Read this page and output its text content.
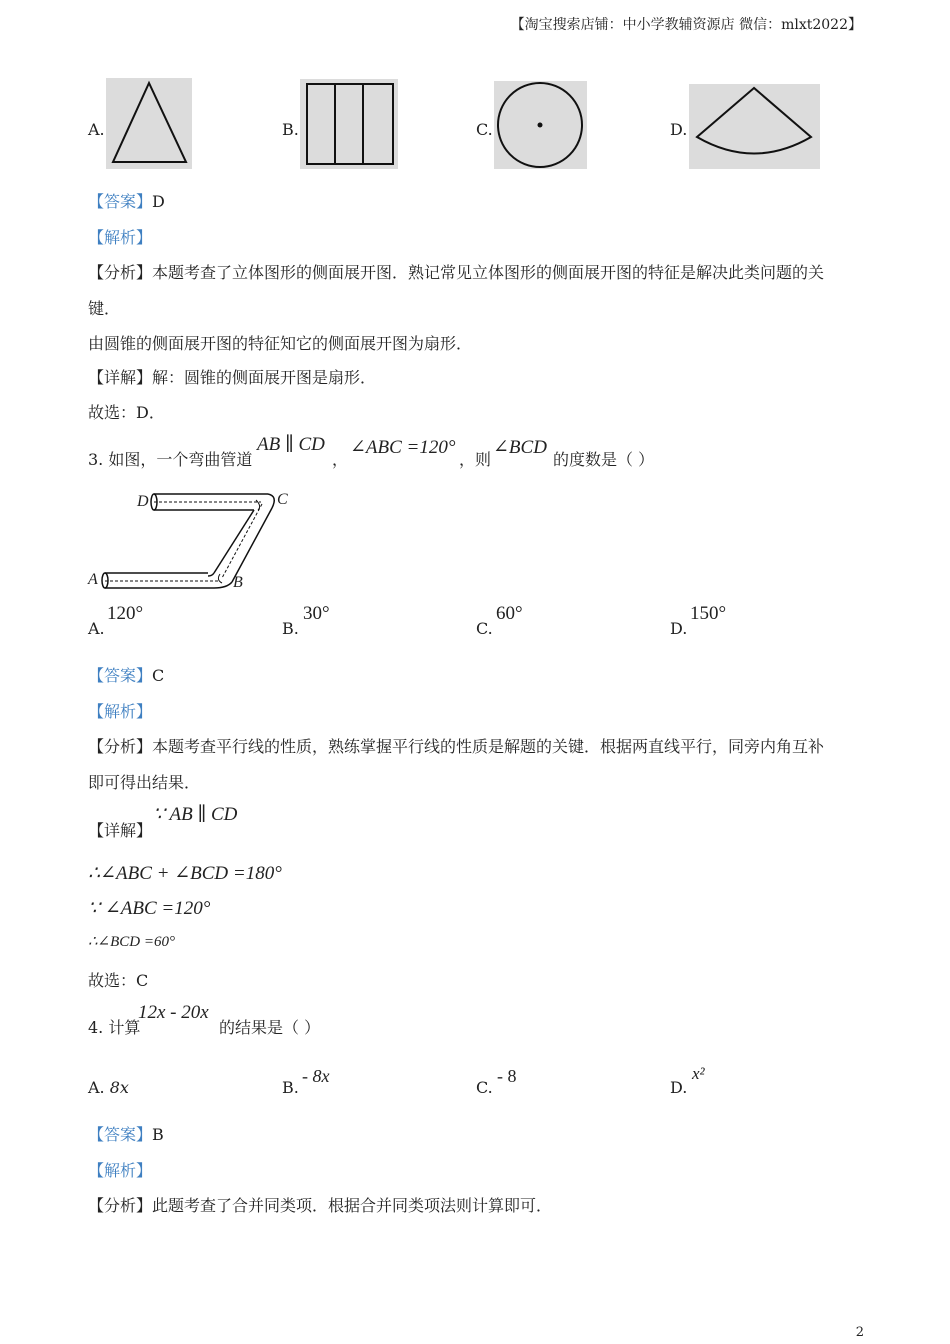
【淘宝搜索店铺：中小学教辅资源店 微信：mlxt2022】
A.	B.	C.	D.
【答案】D
【解析】
【分析】本题考查了立体图形的侧面展开图．熟记常见立体图形的侧面展开图的特征是解决此类问题的关
键．
由圆锥的侧面展开图的特征知它的侧面展开图为扇形．
【详解】解：圆锥的侧面展开图是扇形．
故选：D．
3. 如图，一个弯曲管道
AB ∥ CD
，
∠ABC =120°
，则
∠BCD
的度数是（ ）
D	C
A	B
A.
120°
B.
30°
C.
60°
D.
150°
【答案】C
【解析】
【分析】本题考查平行线的性质，熟练掌握平行线的性质是解题的关键．根据两直线平行，同旁内角互补
即可得出结果．
【详解】
∵ AB ∥ CD
∴∠ABC + ∠BCD =180°
∵ ∠ABC =120°
∴∠BCD =60°
故选：C
4. 计算
12x - 20x
的结果是（ ）
A. 8x	B.
- 8x
C.
- 8
D.
x²
【答案】B
【解析】
【分析】此题考查了合并同类项．根据合并同类项法则计算即可．
2
